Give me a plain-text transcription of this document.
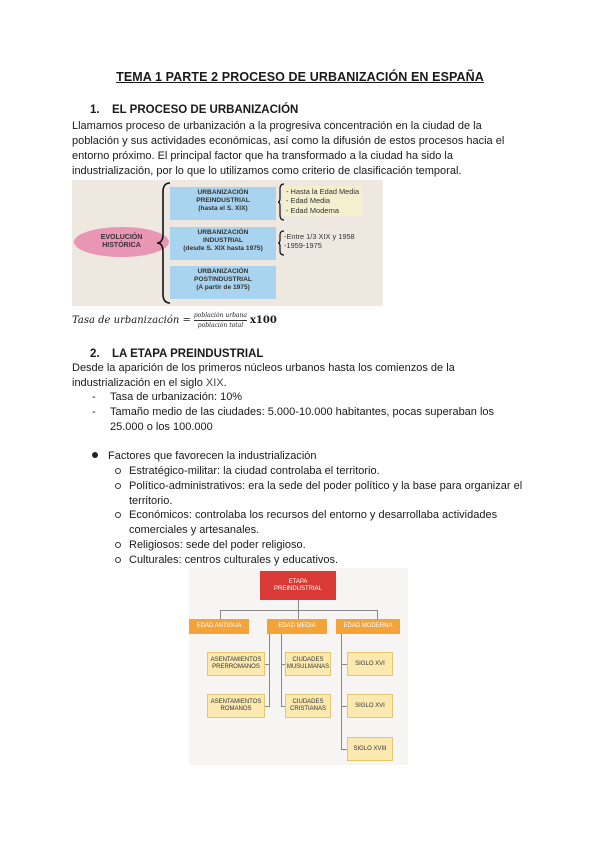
TEMA 1 PARTE 2 PROCESO DE URBANIZACIÓN EN ESPAÑA
1. EL PROCESO DE URBANIZACIÓN
Llamamos proceso de urbanización a la progresiva concentración en la ciudad de la población y sus actividades económicas, así como la difusión de estos procesos hacia el entorno próximo. El principal factor que ha transformado a la ciudad ha sido la industrialización, por lo que lo utilizamos como criterio de clasificación temporal.
EVOLUCIÓN
HISTÓRICA
URBANIZACIÓN
PREINDUSTRIAL
(hasta el S. XIX)
URBANIZACIÓN
INDUSTRIAL
(desde S. XIX hasta 1975)
URBANIZACIÓN
POSTINDUSTRIAL
(A partir de 1975)
- Hasta la Edad Media
- Edad Media
- Edad Moderna
-Entre 1/3 XIX y 1958
-1959-1975
Tasa de urbanización = $\frac{\text{población urbana}}{\text{población total}} x100$
2. LA ETAPA PREINDUSTRIAL
Desde la aparición de los primeros núcleos urbanos hasta los comienzos de la industrialización en el siglo XIX.
- Tasa de urbanización: 10%
- Tamaño medio de las ciudades: 5.000-10.000 habitantes, pocas superaban los 25.000 o los 100.000
Factores que favorecen la industrialización
Estratégico-militar: la ciudad controlaba el territorio.
Político-administrativos: era la sede del poder político y la base para organizar el territorio.
Económicos: controlaba los recursos del entorno y desarrollaba actividades comerciales y artesanales.
Religiosos: sede del poder religioso.
Culturales: centros culturales y educativos.
ETAPA
PREINDUSTRIAL
EDAD ANTIGUA	EDAD MEDIA	EDAD MODERNA
ASENTAMIENTOS
PRERROMANOS
ASENTAMIENTOS
ROMANOS
CIUDADES
MUSULMANAS
CIUDADES
CRISTIANAS
SIGLO XVI
SIGLO XVI
SIGLO XVIII
